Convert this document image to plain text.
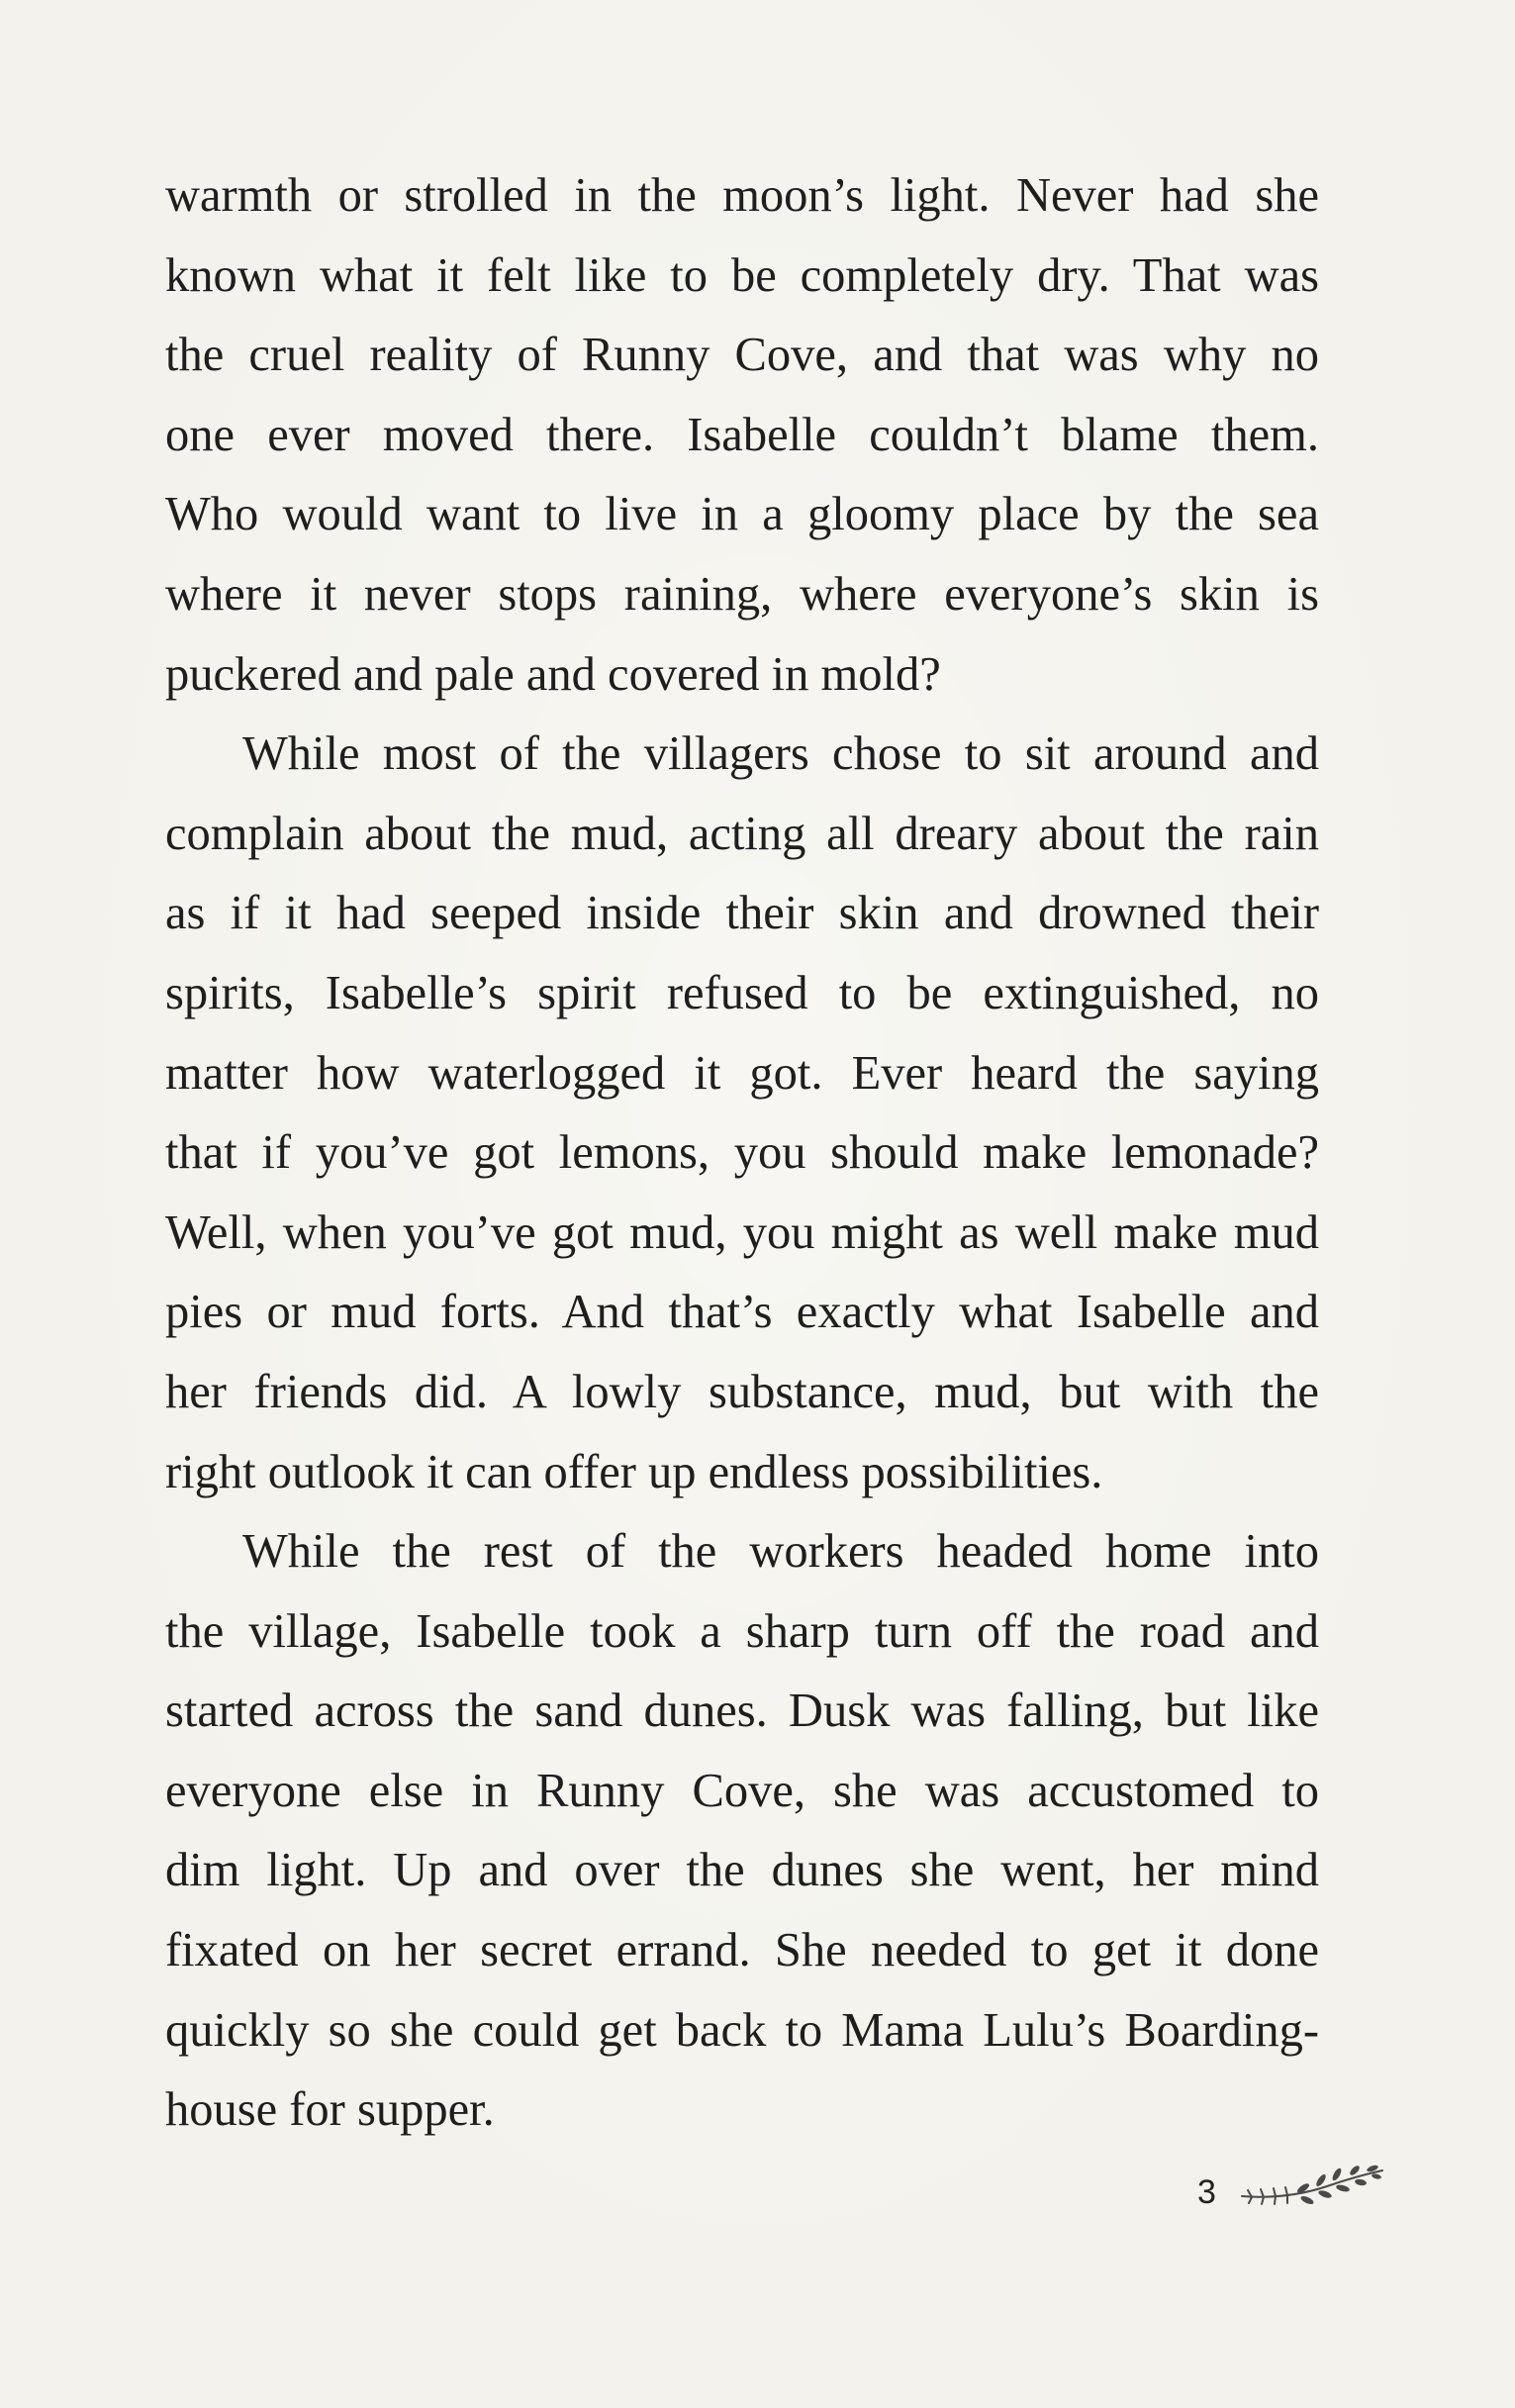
warmth or strolled in the moon’s light. Never had she
known what it felt like to be completely dry. That was
the cruel reality of Runny Cove, and that was why no
one ever moved there. Isabelle couldn’t blame them.
Who would want to live in a gloomy place by the sea
where it never stops raining, where everyone’s skin is
puckered and pale and covered in mold?
While most of the villagers chose to sit around and
complain about the mud, acting all dreary about the rain
as if it had seeped inside their skin and drowned their
spirits, Isabelle’s spirit refused to be extinguished, no
matter how waterlogged it got. Ever heard the saying
that if you’ve got lemons, you should make lemonade?
Well, when you’ve got mud, you might as well make mud
pies or mud forts. And that’s exactly what Isabelle and
her friends did. A lowly substance, mud, but with the
right outlook it can offer up endless possibilities.
While the rest of the workers headed home into
the village, Isabelle took a sharp turn off the road and
started across the sand dunes. Dusk was falling, but like
everyone else in Runny Cove, she was accustomed to
dim light. Up and over the dunes she went, her mind
fixated on her secret errand. She needed to get it done
quickly so she could get back to Mama Lulu’s Boarding-
house for supper.
3
